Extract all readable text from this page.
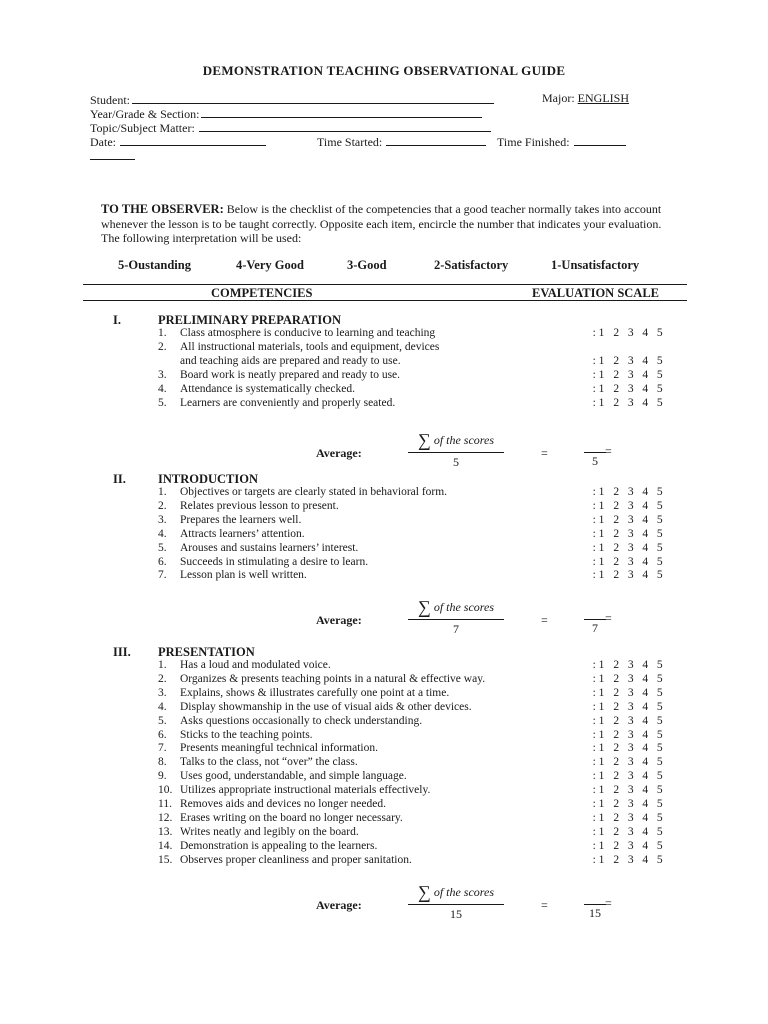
DEMONSTRATION TEACHING OBSERVATIONAL GUIDE
Student:	Major: ENGLISH
Year/Grade & Section:
Topic/Subject Matter:
Date:	Time Started:	Time Finished:
TO THE OBSERVER: Below is the checklist of the competencies that a good teacher normally takes into account whenever the lesson is to be taught correctly. Opposite each item, encircle the number that indicates your evaluation. The following interpretation will be used:
5-Oustanding	4-Very Good	3-Good	2-Satisfactory	1-Unsatisfactory
COMPETENCIES	EVALUATION SCALE
I.	PRELIMINARY PREPARATION
1. Class atmosphere is conducive to learning and teaching	: 1 2 3 4 5
2. All instructional materials, tools and equipment, devices
and teaching aids are prepared and ready to use.	: 1 2 3 4 5
3. Board work is neatly prepared and ready to use.	: 1 2 3 4 5
4. Attendance is systematically checked.	: 1 2 3 4 5
5. Learners are conveniently and properly seated.	: 1 2 3 4 5
Average:
∑ of the scores
5
=
5
=
II.	INTRODUCTION
1. Objectives or targets are clearly stated in behavioral form.	: 1 2 3 4 5
2. Relates previous lesson to present.	: 1 2 3 4 5
3. Prepares the learners well.	: 1 2 3 4 5
4. Attracts learners’ attention.	: 1 2 3 4 5
5. Arouses and sustains learners’ interest.	: 1 2 3 4 5
6. Succeeds in stimulating a desire to learn.	: 1 2 3 4 5
7. Lesson plan is well written.	: 1 2 3 4 5
Average:
∑ of the scores
7
=
7
=
III. PRESENTATION
1. Has a loud and modulated voice.	: 1 2 3 4 5
2. Organizes & presents teaching points in a natural & effective way.	: 1 2 3 4 5
3. Explains, shows & illustrates carefully one point at a time.	: 1 2 3 4 5
4. Display showmanship in the use of visual aids & other devices.	: 1 2 3 4 5
5. Asks questions occasionally to check understanding.	: 1 2 3 4 5
6. Sticks to the teaching points.	: 1 2 3 4 5
7. Presents meaningful technical information.	: 1 2 3 4 5
8. Talks to the class, not “over” the class.	: 1 2 3 4 5
9. Uses good, understandable, and simple language.	: 1 2 3 4 5
10. Utilizes appropriate instructional materials effectively.	: 1 2 3 4 5
11. Removes aids and devices no longer needed.	: 1 2 3 4 5
12. Erases writing on the board no longer necessary.	: 1 2 3 4 5
13. Writes neatly and legibly on the board.	: 1 2 3 4 5
14. Demonstration is appealing to the learners.	: 1 2 3 4 5
15. Observes proper cleanliness and proper sanitation.	: 1 2 3 4 5
Average:
∑ of the scores
15
=
15
=
